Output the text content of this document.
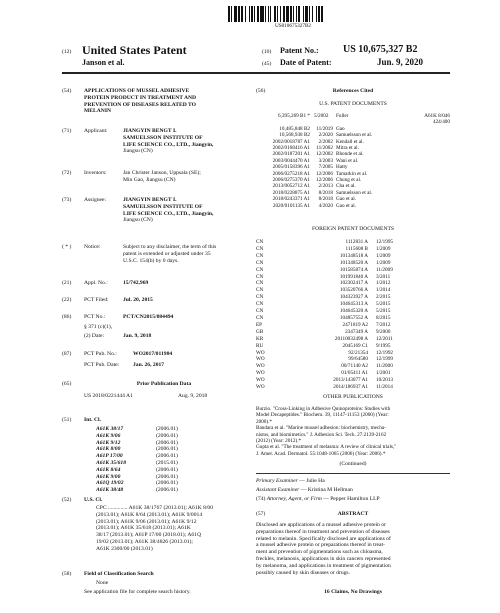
US010675327B2
(12) United States Patent
Janson et al.
(10) Patent No.: US 10,675,327 B2
(45) Date of Patent:	Jun. 9, 2020
(54) APPLICATIONS OF MUSSEL ADHESIVE
PROTEIN PRODUCT IN TREATMENT AND
PREVENTION OF DISEASES RELATED TO
MELANIN
(71) Applicant:	JIANGYIN BENGT I.
SAMUELSSON INSTITUTE OF
LIFE SCIENCE CO., LTD., Jiangyin,
Jiangsu (CN)
(72) Inventors:	Jan Christer Janson, Uppsala (SE);
Min Gao, Jiangsu (CN)
(73) Assignee:	JIANGYIN BENGT I.
SAMUELSSON INSTITUTE OF
LIFE SCIENCE CO., LTD., Jiangyin,
Jiangsu (CN)
( * ) Notice:	Subject to any disclaimer, the term of this
patent is extended or adjusted under 35
U.S.C. 154(b) by 0 days.
(21) Appl. No.:	15/742,969
(22) PCT Filed:	Jul. 20, 2015
(86) PCT No.:	PCT/CN2015/084494
§ 371 (c)(1),
(2) Date:	Jan. 9, 2018
(87) PCT Pub. No.:	WO2017/011984
PCT Pub. Date: Jan. 26, 2017
(65)	Prior Publication Data
US 2018/0221444 A1	Aug. 9, 2018
(51) Int. Cl.
A61K 38/17	(2006.01)
A61K 9/06	(2006.01)
A61K 9/12	(2006.01)
A61K 8/00	(2006.01)
A61P 17/00	(2006.01)
A61K 35/618	(2015.01)
A61K 8/64	(2006.01)
A61K 9/00	(2006.01)
A61Q 19/02	(2006.01)
A61K 38/48	(2006.01)
(52) U.S. Cl.
CPC .............. A61K 38/1767 (2013.01); A61K 8/00
(2013.01); A61K 8/64 (2013.01); A61K 9/0014
(2013.01); A61K 9/06 (2013.01); A61K 9/12
(2013.01); A61K 35/618 (2013.01); A61K
38/17 (2013.01); A61P 17/00 (2018.01); A61Q
19/02 (2013.01); A61K 38/4826 (2013.01);
A61K 2300/00 (2013.01)
(58) Field of Classification Search
None
See application file for complete search history.
(56)	References Cited
U.S. PATENT DOCUMENTS
6,395,269 B1 * 5/2002	Fuller	A61K 8/046
424/400
10,485,848 B2	11/2019 Gao
10,568,938 B2	2/2020 Samuelsson et al.
2002/0018787 A1	2/2002 Kendall et al.
2002/0168416 A1	11/2002 Mitra et al.
2002/0187201 A1	12/2002 Bhonde et al.
2003/0044470 A1	3/2003 Wani et al.
2005/0158396 A1	7/2005 Hatty
2006/0275218 A1	12/2006 Tamarkin et al.
2006/0275370 A1	12/2006 Chung et al.
2013/0052712 A1	2/2013 Cha et al.
2018/0228875 A1	8/2018 Samuelsson et al.
2018/0243371 A1	8/2018 Gao et al.
2020/0101135 A1	4/2020 Gao et al.
FOREIGN PATENT DOCUMENTS
CN	1112831 A	12/1995
CN	1115608 B	1/2009
CN	101348518 A	1/2009
CN	101348520 A	1/2009
CN	101585874 A	11/2009
CN	101991840 A	3/2011
CN	102302417 A	1/2012
CN	103520766 A	1/2014
CN	104323927 A	2/2015
CN	104645313 A	5/2015
CN	104645320 A	5/2015
CN	104857552 A	8/2015
EP	2471819 A2	7/2012
GB	2347349 A	9/2000
KR	20110032498 A	12/2011
RU	2045169 C1	9/1995
WO	92/21354	12/1992
WO	99/64580	12/1999
WO	00/71140 A2	11/2000
WO	01/05411 A1	1/2001
WO	2013/143077 A1	10/2013
WO	2014/186937 A1	11/2014
OTHER PUBLICATIONS
Burzio. "Cross-Linking in Adhesive Quinoproteins: Studies with
Model Decapeptides." Biochem. 39, 11147-11153 (2000) (Year:
2000).*
Bandara et al. "Marine mussel adhesion: biochemistry, mecha-
nisms, and biomimetics." J. Adhesion Sci. Tech. 27:2139-2162
(2012) (Year: 2012).*
Gupta et al. "The treatment of melasma: A review of clinical trials,"
J. Amer. Acad. Dermatol. 55:1048-1065 (2006) (Year: 2006).*
(Continued)
Primary Examiner — Julie Ha
Assistant Examiner — Kristina M Hellman
(74) Attorney, Agent, or Firm — Pepper Hamilton LLP
(57)	ABSTRACT
Disclosed are applications of a mussel adhesive protein or
preparations thereof in treatment and prevention of diseases
related to melanin. Specifically disclosed are applications of
a mussel adhesive protein or preparations thereof in treat-
ment and prevention of pigmentations such as chloasma,
freckles, melanosis, applications in skin cancers represented
by melanoma, and applications in treatment of pigmentation
possibly caused by skin diseases or drugs.
16 Claims, No Drawings
